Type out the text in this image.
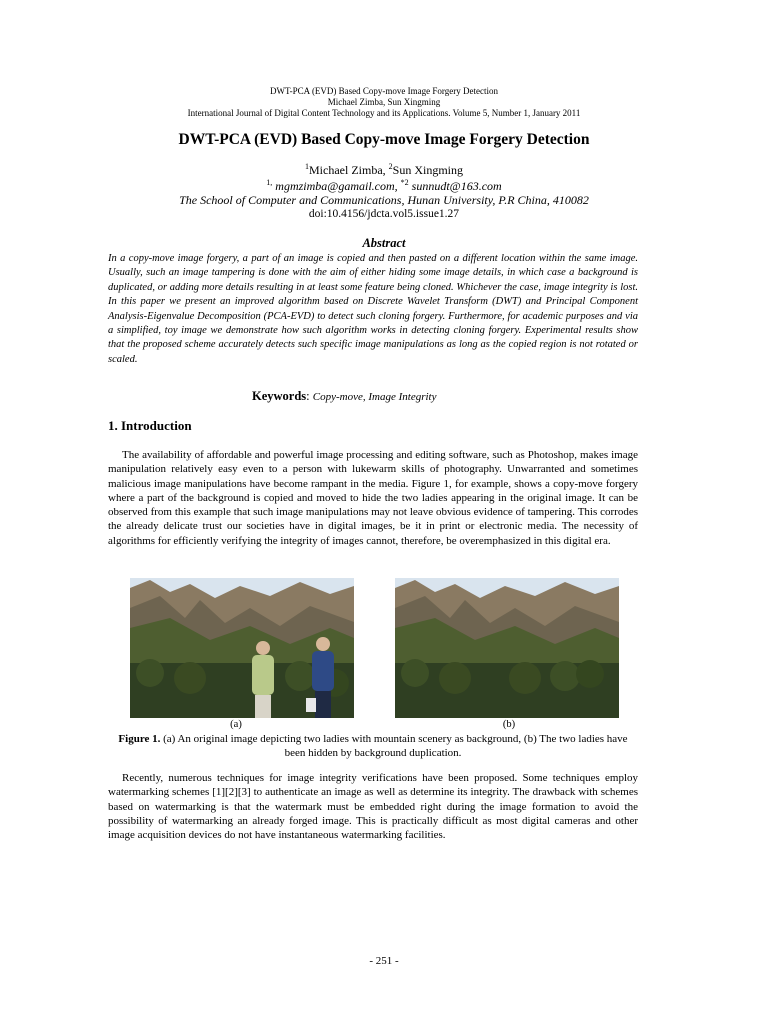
DWT-PCA (EVD) Based Copy-move Image Forgery Detection
Michael Zimba, Sun Xingming
International Journal of Digital Content Technology and its Applications. Volume 5, Number 1, January 2011
DWT-PCA (EVD) Based Copy-move Image Forgery Detection
$^1$Michael Zimba, $^2$Sun Xingming
$^{1,}$ mgmzimba@gamail.com, $^{*2}$ sunnudt@163.com
The School of Computer and Communications, Hunan University, P.R China, 410082
doi:10.4156/jdcta.vol5.issue1.27
Abstract
In a copy-move image forgery, a part of an image is copied and then pasted on a different location within the same image. Usually, such an image tampering is done with the aim of either hiding some image details, in which case a background is duplicated, or adding more details resulting in at least some feature being cloned. Whichever the case, image integrity is lost. In this paper we present an improved algorithm based on Discrete Wavelet Transform (DWT) and Principal Component Analysis-Eigenvalue Decomposition (PCA-EVD) to detect such cloning forgery. Furthermore, for academic purposes and via a simplified, toy image we demonstrate how such algorithm works in detecting cloning forgery. Experimental results show that the proposed scheme accurately detects such specific image manipulations as long as the copied region is not rotated or scaled.
Keywords: Copy-move, Image Integrity
1. Introduction
The availability of affordable and powerful image processing and editing software, such as Photoshop, makes image manipulation relatively easy even to a person with lukewarm skills of photography. Unwarranted and sometimes malicious image manipulations have become rampant in the media. Figure 1, for example, shows a copy-move forgery where a part of the background is copied and moved to hide the two ladies appearing in the original image. It can be observed from this example that such image manipulations may not leave obvious evidence of tampering. This corrodes the already delicate trust our societies have in digital images, be it in print or electronic media. The necessity of algorithms for efficiently verifying the integrity of images cannot, therefore, be overemphasized in this digital era.
(a)	(b)
Figure 1. (a) An original image depicting two ladies with mountain scenery as background, (b) The two ladies have been hidden by background duplication.
Recently, numerous techniques for image integrity verifications have been proposed. Some techniques employ watermarking schemes [1][2][3] to authenticate an image as well as determine its integrity. The drawback with schemes based on watermarking is that the watermark must be embedded right during the image formation to avoid the possibility of watermarking an already forged image. This is practically difficult as most digital cameras and other image acquisition devices do not have instantaneous watermarking facilities.
- 251 -
